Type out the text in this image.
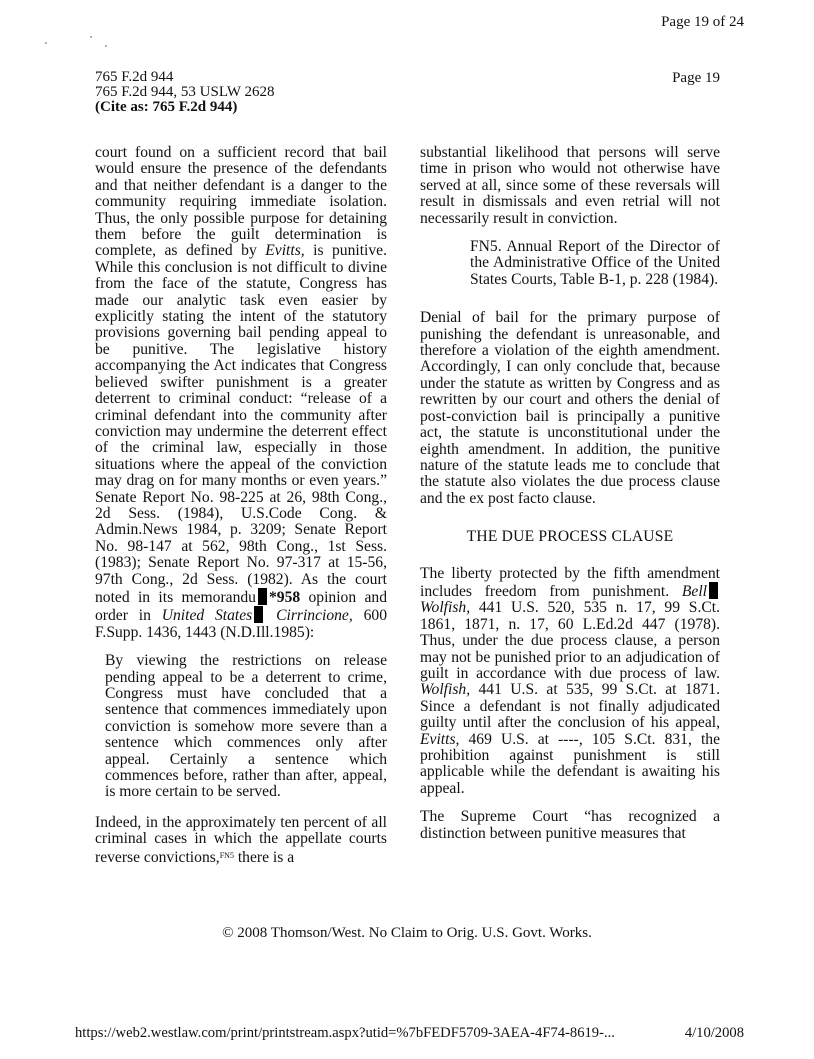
Page 19 of 24
Page 19
765 F.2d 944
765 F.2d 944, 53 USLW 2628
(Cite as: 765 F.2d 944)

court found on a sufficient record that bail would ensure the presence of the defendants and that neither defendant is a danger to the community requiring immediate isolation. Thus, the only possible purpose for detaining them before the guilt determination is complete, as defined by Evitts, is punitive. While this conclusion is not difficult to divine from the face of the statute, Congress has made our analytic task even easier by explicitly stating the intent of the statutory provisions governing bail pending appeal to be punitive. The legislative history accompanying the Act indicates that Congress believed swifter punishment is a greater deterrent to criminal conduct: “release of a criminal defendant into the community after conviction may undermine the deterrent effect of the criminal law, especially in those situations where the appeal of the conviction may drag on for many months or even years.” Senate Report No. 98-225 at 26, 98th Cong., 2d Sess. (1984), U.S.Code Cong. & Admin.News 1984, p. 3209; Senate Report No. 98-147 at 562, 98th Cong., 1st Sess. (1983); Senate Report No. 97-317 at 15-56, 97th Cong., 2d Sess. (1982). As the court noted in its memorandu *958 opinion and order in United States Cirrincione, 600 F.Supp. 1436, 1443 (N.D.Ill.1985):

By viewing the restrictions on release pending appeal to be a deterrent to crime, Congress must have concluded that a sentence that commences immediately upon conviction is somehow more severe than a sentence which commences only after appeal. Certainly a sentence which commences before, rather than after, appeal, is more certain to be served.

Indeed, in the approximately ten percent of all criminal cases in which the appellate courts reverse convictions,$^{FN5}$ there is a

substantial likelihood that persons will serve time in prison who would not otherwise have served at all, since some of these reversals will result in dismissals and even retrial will not necessarily result in conviction.

FN5. Annual Report of the Director of the Administrative Office of the United States Courts, Table B-1, p. 228 (1984).

Denial of bail for the primary purpose of punishing the defendant is unreasonable, and therefore a violation of the eighth amendment. Accordingly, I can only conclude that, because under the statute as written by Congress and as rewritten by our court and others the denial of post-conviction bail is principally a punitive act, the statute is unconstitutional under the eighth amendment. In addition, the punitive nature of the statute leads me to conclude that the statute also violates the due process clause and the ex post facto clause.

THE DUE PROCESS CLAUSE

The liberty protected by the fifth amendment includes freedom from punishment. Bell Wolfish, 441 U.S. 520, 535 n. 17, 99 S.Ct. 1861, 1871, n. 17, 60 L.Ed.2d 447 (1978). Thus, under the due process clause, a person may not be punished prior to an adjudication of guilt in accordance with due process of law. Wolfish, 441 U.S. at 535, 99 S.Ct. at 1871. Since a defendant is not finally adjudicated guilty until after the conclusion of his appeal, Evitts, 469 U.S. at ----, 105 S.Ct. 831, the prohibition against punishment is still applicable while the defendant is awaiting his appeal.

The Supreme Court “has recognized a distinction between punitive measures that

© 2008 Thomson/West. No Claim to Orig. U.S. Govt. Works.
https://web2.westlaw.com/print/printstream.aspx?utid=%7bFEDF5709-3AEA-4F74-8619-...	4/10/2008
